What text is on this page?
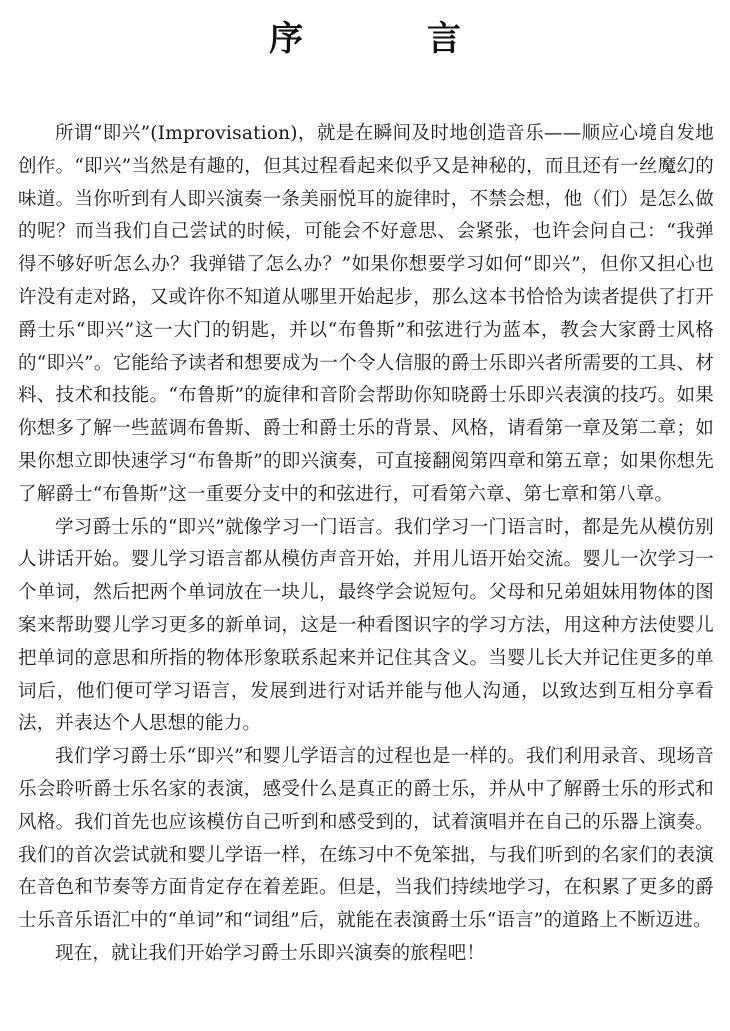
序 言

所谓“即兴”(Improvisation)，就是在瞬间及时地创造音乐——顺应心境自发地创作。“即兴”当然是有趣的，但其过程看起来似乎又是神秘的，而且还有一丝魔幻的味道。当你听到有人即兴演奏一条美丽悦耳的旋律时，不禁会想，他（们）是怎么做的呢？而当我们自己尝试的时候，可能会不好意思、会紧张，也许会问自己：“我弹得不够好听怎么办？我弹错了怎么办？”如果你想要学习如何“即兴”，但你又担心也许没有走对路，又或许你不知道从哪里开始起步，那么这本书恰恰为读者提供了打开爵士乐“即兴”这一大门的钥匙，并以“布鲁斯”和弦进行为蓝本，教会大家爵士风格的“即兴”。它能给予读者和想要成为一个令人信服的爵士乐即兴者所需要的工具、材料、技术和技能。“布鲁斯”的旋律和音阶会帮助你知晓爵士乐即兴表演的技巧。如果你想多了解一些蓝调布鲁斯、爵士和爵士乐的背景、风格，请看第一章及第二章；如果你想立即快速学习“布鲁斯”的即兴演奏，可直接翻阅第四章和第五章；如果你想先了解爵士“布鲁斯”这一重要分支中的和弦进行，可看第六章、第七章和第八章。

学习爵士乐的“即兴”就像学习一门语言。我们学习一门语言时，都是先从模仿别人讲话开始。婴儿学习语言都从模仿声音开始，并用儿语开始交流。婴儿一次学习一个单词，然后把两个单词放在一块儿，最终学会说短句。父母和兄弟姐妹用物体的图案来帮助婴儿学习更多的新单词，这是一种看图识字的学习方法，用这种方法使婴儿把单词的意思和所指的物体形象联系起来并记住其含义。当婴儿长大并记住更多的单词后，他们便可学习语言，发展到进行对话并能与他人沟通，以致达到互相分享看法，并表达个人思想的能力。

我们学习爵士乐“即兴”和婴儿学语言的过程也是一样的。我们利用录音、现场音乐会聆听爵士乐名家的表演，感受什么是真正的爵士乐，并从中了解爵士乐的形式和风格。我们首先也应该模仿自己听到和感受到的，试着演唱并在自己的乐器上演奏。我们的首次尝试就和婴儿学语一样，在练习中不免笨拙，与我们听到的名家们的表演在音色和节奏等方面肯定存在着差距。但是，当我们持续地学习，在积累了更多的爵士乐音乐语汇中的“单词”和“词组”后，就能在表演爵士乐“语言”的道路上不断迈进。

现在，就让我们开始学习爵士乐即兴演奏的旅程吧！
